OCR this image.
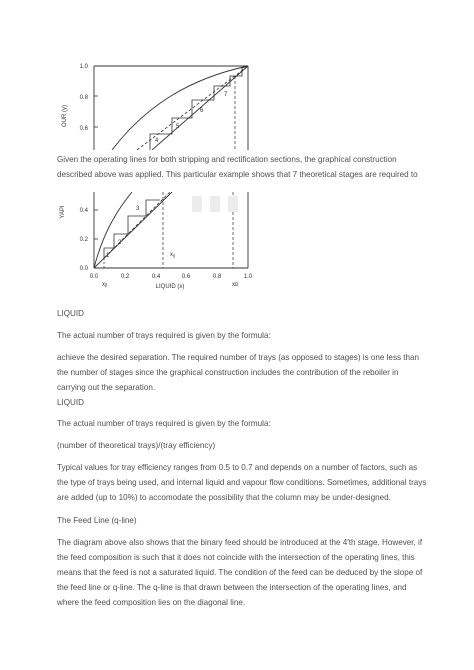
OUR (y)
1.0
0.8
0.6
4
5
6
7

Given the operating lines for both stripping and rectification sections, the graphical construction described above was applied. This particular example shows that 7 theoretical stages are required to

YAPI 0.4
0.2
0.0
0.0	0.2	0.4	0.6	0.8	1.0
1
2
3
xᵨ
xᵦ	LIQUID (x)	xᴅ

LIQUID

The actual number of trays required is given by the formula:

achieve the desired separation. The required number of trays (as opposed to stages) is one less than the number of stages since the graphical construction includes the contribution of the reboiler in carrying out the separation.

LIQUID

The actual number of trays required is given by the formula:

(number of theoretical trays)/(tray efficiency)

Typical values for tray efficiency ranges from 0.5 to 0.7 and depends on a number of factors, such as the type of trays being used, and internal liquid and vapour flow conditions. Sometimes, additional trays are added (up to 10%) to accomodate the possibility that the column may be under-designed.

The Feed Line (q-line)

The diagram above also shows that the binary feed should be introduced at the 4'th stage. However, if the feed composition is such that it does not coincide with the intersection of the operating lines, this means that the feed is not a saturated liquid. The condition of the feed can be deduced by the slope of the feed line or q-line. The q-line is that drawn between the intersection of the operating lines, and where the feed composition lies on the diagonal line.
